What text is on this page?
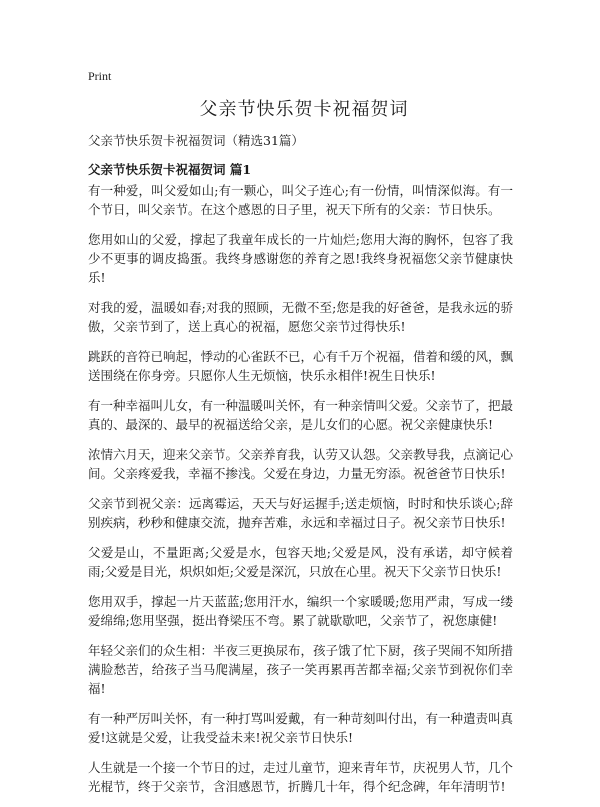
Print
父亲节快乐贺卡祝福贺词
父亲节快乐贺卡祝福贺词（精选31篇）
父亲节快乐贺卡祝福贺词 篇1

有一种爱，叫父爱如山;有一颗心，叫父子连心;有一份情，叫情深似海。有一个节日，叫父亲节。在这个感恩的日子里，祝天下所有的父亲：节日快乐。

您用如山的父爱，撑起了我童年成长的一片灿烂;您用大海的胸怀，包容了我少不更事的调皮捣蛋。我终身感谢您的养育之恩!我终身祝福您父亲节健康快乐!

对我的爱，温暖如春;对我的照顾，无微不至;您是我的好爸爸，是我永远的骄傲，父亲节到了，送上真心的祝福，愿您父亲节过得快乐!

跳跃的音符已响起，悸动的心雀跃不已，心有千万个祝福，借着和缓的风，飘送围绕在你身旁。只愿你人生无烦恼，快乐永相伴!祝生日快乐!

有一种幸福叫儿女，有一种温暖叫关怀，有一种亲情叫父爱。父亲节了，把最真的、最深的、最早的祝福送给父亲，是儿女们的心愿。祝父亲健康快乐!

浓情六月天，迎来父亲节。父亲养育我，认劳又认怨。父亲教导我，点滴记心间。父亲疼爱我，幸福不掺浅。父爱在身边，力量无穷添。祝爸爸节日快乐!

父亲节到祝父亲：远离霉运，天天与好运握手;送走烦恼，时时和快乐谈心;辞别疾病，秒秒和健康交流，抛弃苦难，永远和幸福过日子。祝父亲节日快乐!

父爱是山，不量距离;父爱是水，包容天地;父爱是风，没有承诺，却守候着雨;父爱是目光，炽炽如炬;父爱是深沉，只放在心里。祝天下父亲节日快乐!

您用双手，撑起一片天蓝蓝;您用汗水，编织一个家暖暖;您用严肃，写成一缕爱绵绵;您用坚强，挺出脊梁压不弯。累了就歇歇吧，父亲节了，祝您康健!

年轻父亲们的众生相：半夜三更换尿布，孩子饿了忙下厨，孩子哭闹不知所措满脸愁苦，给孩子当马爬满屋，孩子一笑再累再苦都幸福;父亲节到祝你们幸福!

有一种严厉叫关怀，有一种打骂叫爱戴，有一种苛刻叫付出，有一种遣责叫真爱!这就是父爱，让我受益未来!祝父亲节日快乐!

人生就是一个接一个节日的过，走过儿童节，迎来青年节，庆祝男人节，几个光棍节，终于父亲节，含泪感恩节，折腾几十年，得个纪念碑，年年清明节!
